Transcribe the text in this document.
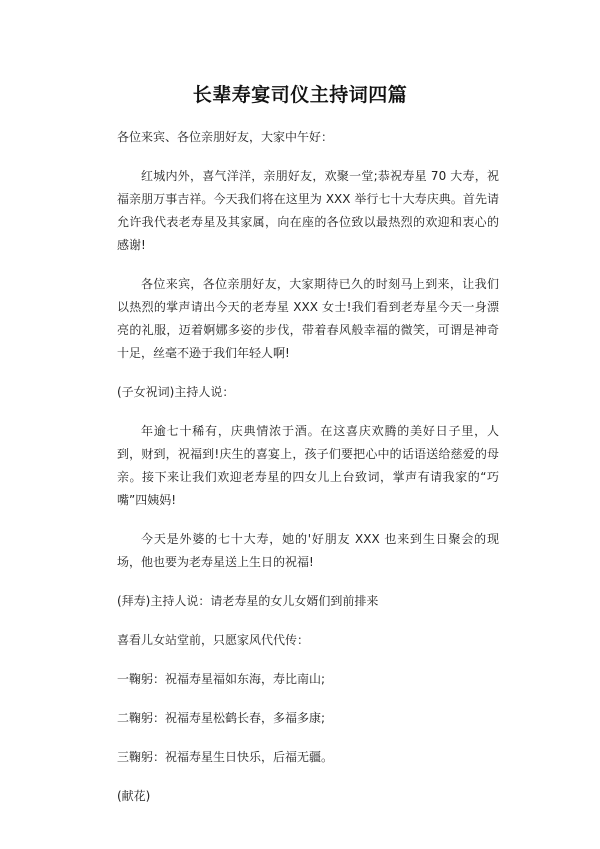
长辈寿宴司仪主持词四篇

各位来宾、各位亲朋好友，大家中午好：

红城内外，喜气洋洋，亲朋好友，欢聚一堂;恭祝寿星 70 大寿，祝福亲朋万事吉祥。今天我们将在这里为 XXX 举行七十大寿庆典。首先请允许我代表老寿星及其家属，向在座的各位致以最热烈的欢迎和衷心的感谢!

各位来宾，各位亲朋好友，大家期待已久的时刻马上到来，让我们以热烈的掌声请出今天的老寿星 XXX 女士!我们看到老寿星今天一身漂亮的礼服，迈着婀娜多姿的步伐，带着春风般幸福的微笑，可谓是神奇十足，丝毫不逊于我们年轻人啊!

(子女祝词)主持人说：

年逾七十稀有，庆典情浓于酒。在这喜庆欢腾的美好日子里，人到，财到，祝福到!庆生的喜宴上，孩子们要把心中的话语送给慈爱的母亲。接下来让我们欢迎老寿星的四女儿上台致词，掌声有请我家的“巧嘴”四姨妈!

今天是外婆的七十大寿，她的'好朋友 XXX 也来到生日聚会的现场，他也要为老寿星送上生日的祝福!

(拜寿)主持人说：请老寿星的女儿女婿们到前排来

喜看儿女站堂前，只愿家风代代传：

一鞠躬：祝福寿星福如东海，寿比南山;

二鞠躬：祝福寿星松鹤长春，多福多康;

三鞠躬：祝福寿星生日快乐，后福无疆。

(献花)
